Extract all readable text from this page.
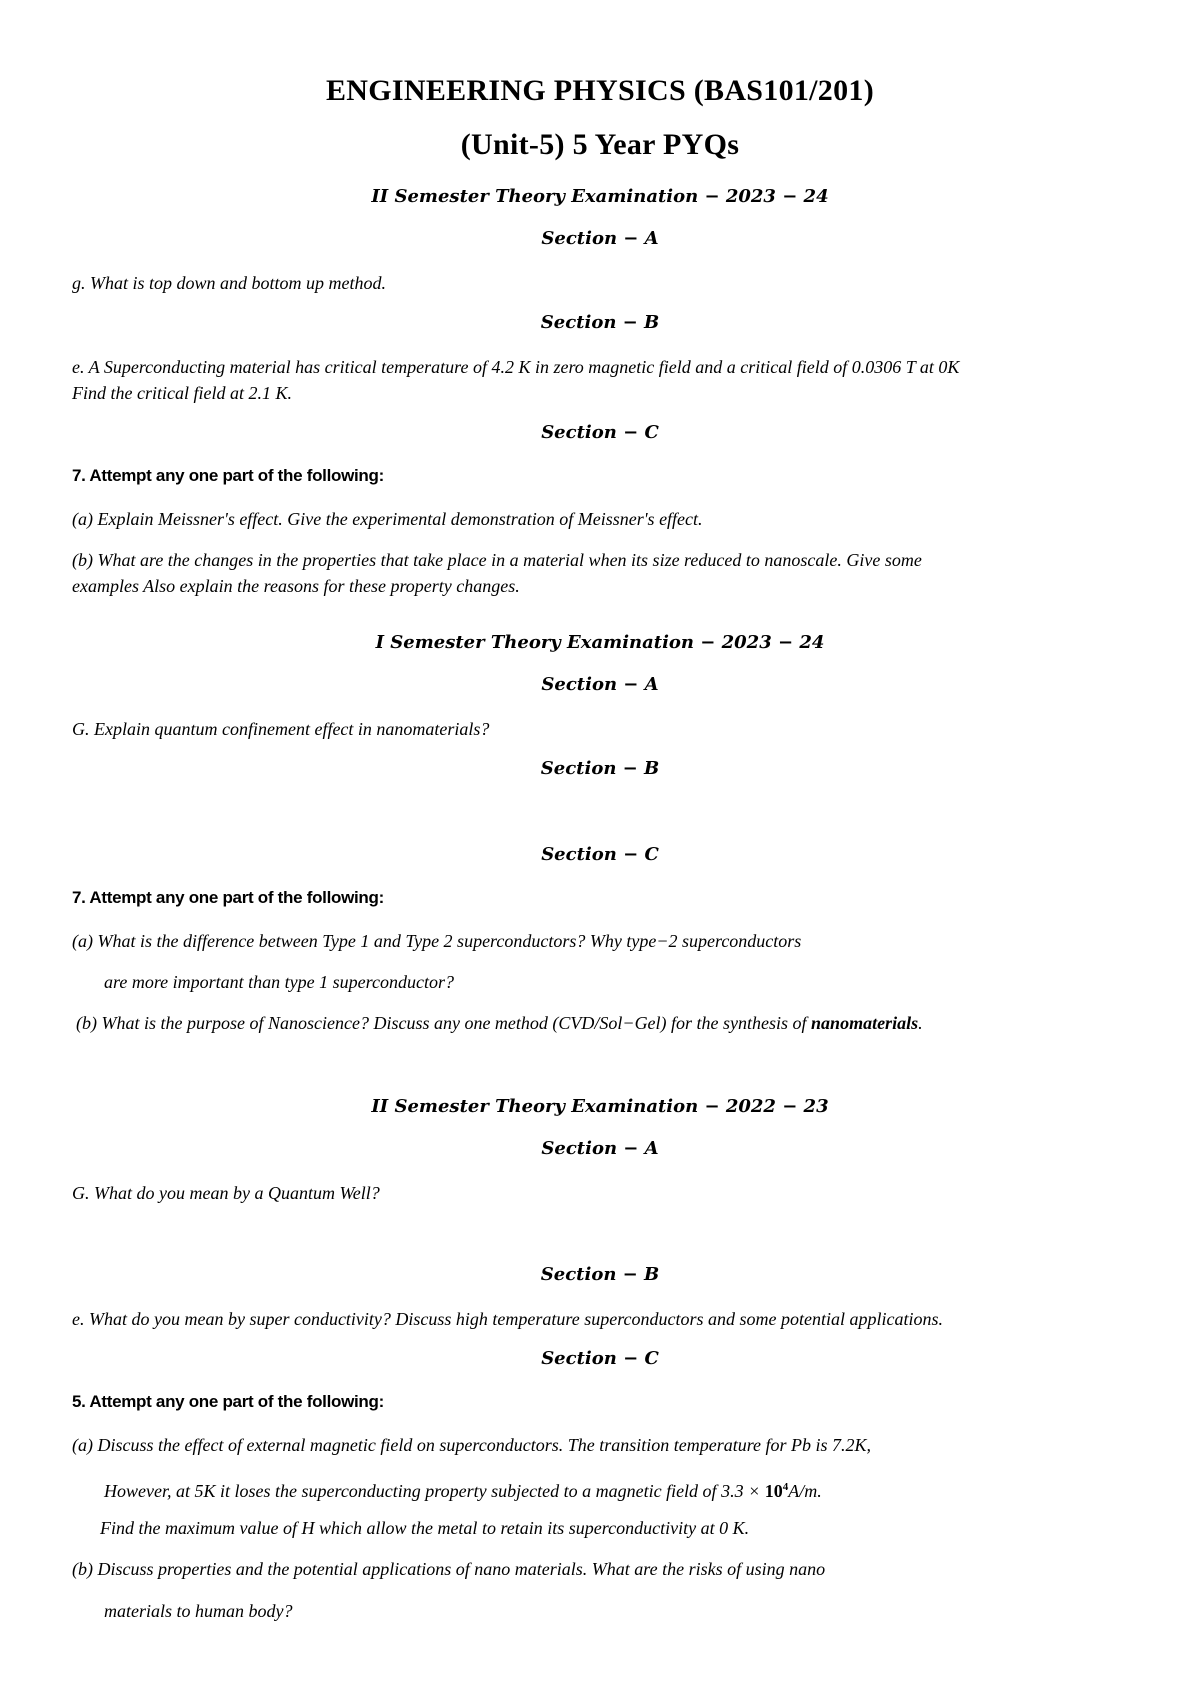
ENGINEERING PHYSICS (BAS101/201)
(Unit-5) 5 Year PYQs
II Semester Theory Examination − 2023 − 24
Section − A
g. What is top down and bottom up method.
Section − B
e. A Superconducting material has critical temperature of 4.2 K in zero magnetic field and a critical field of 0.0306 T at 0K
Find the critical field at 2.1 K.
Section − C
7. Attempt any one part of the following:
(a) Explain Meissner's effect. Give the experimental demonstration of Meissner's effect.
(b) What are the changes in the properties that take place in a material when its size reduced to nanoscale. Give some
examples Also explain the reasons for these property changes.
I Semester Theory Examination − 2023 − 24
Section − A
G. Explain quantum confinement effect in nanomaterials?
Section − B
Section − C
7. Attempt any one part of the following:
(a) What is the difference between Type 1 and Type 2 superconductors? Why type−2 superconductors
are more important than type 1 superconductor?
(b) What is the purpose of Nanoscience? Discuss any one method (CVD/Sol−Gel) for the synthesis of nanomaterials.
II Semester Theory Examination − 2022 − 23
Section − A
G. What do you mean by a Quantum Well?
Section − B
e. What do you mean by super conductivity? Discuss high temperature superconductors and some potential applications.
Section − C
5. Attempt any one part of the following:
(a) Discuss the effect of external magnetic field on superconductors. The transition temperature for Pb is 7.2K,
However, at 5K it loses the superconducting property subjected to a magnetic field of $3.3 \times 10^4A/m$.
Find the maximum value of H which allow the metal to retain its superconductivity at 0 K.
(b) Discuss properties and the potential applications of nano materials. What are the risks of using nano
materials to human body?
